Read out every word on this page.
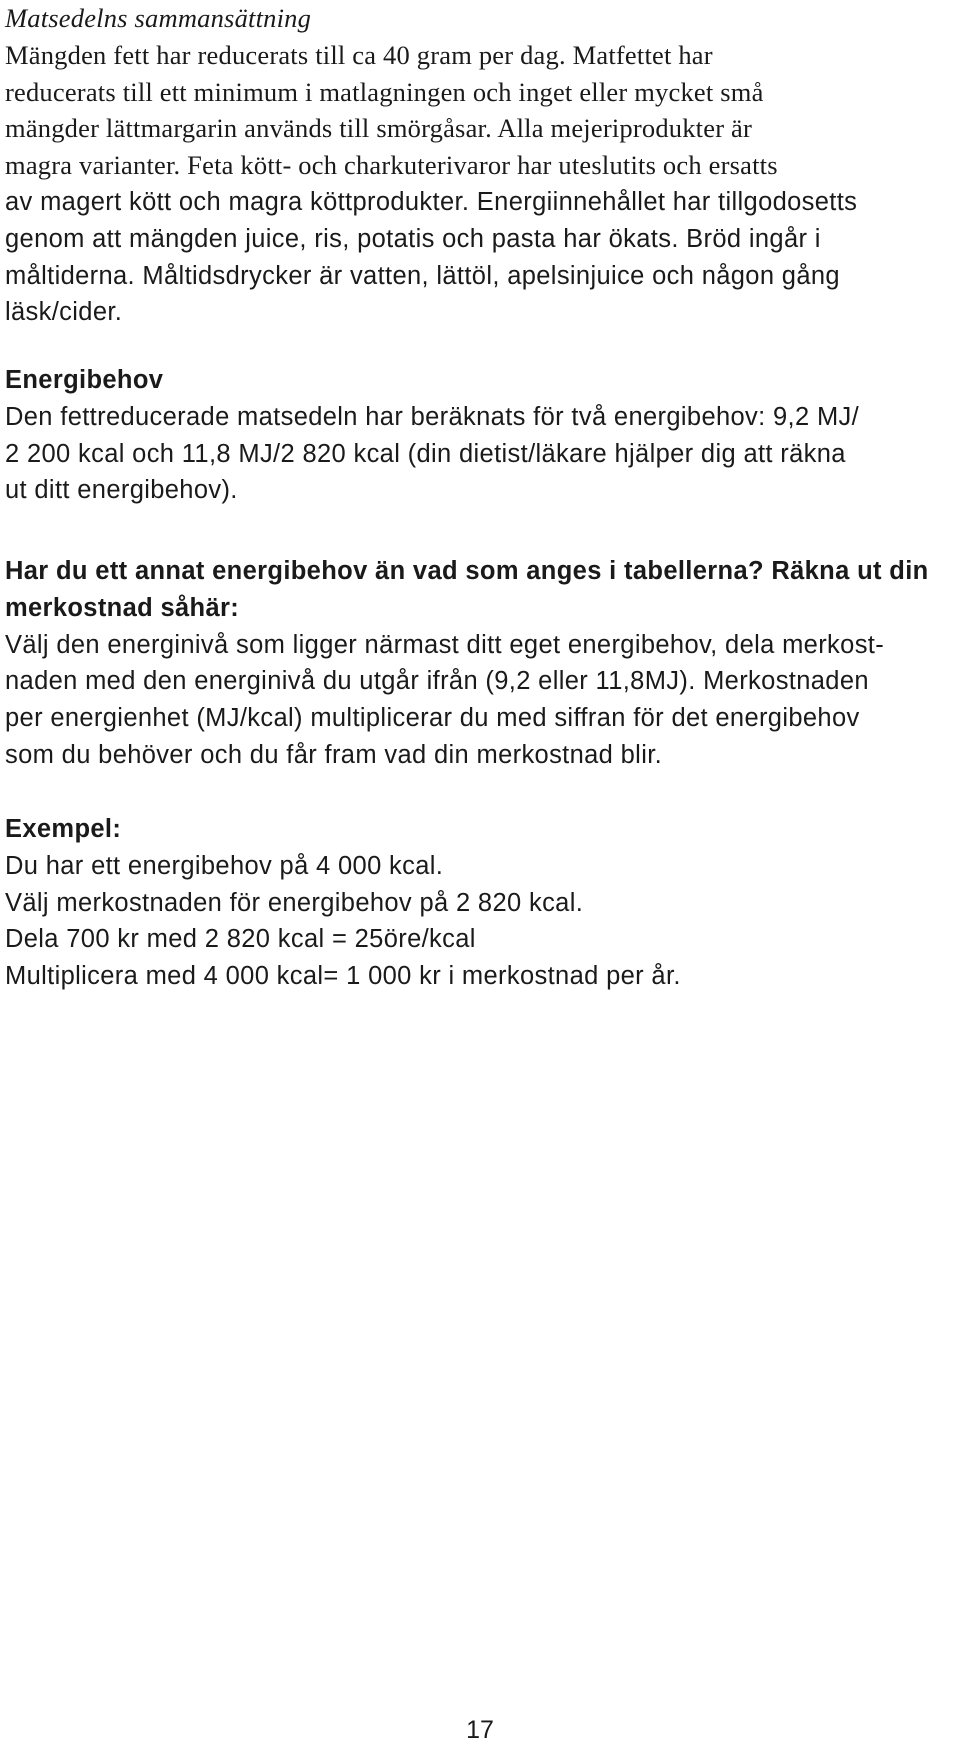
Matsedelns sammansättning
Mängden fett har reducerats till ca 40 gram per dag. Matfettet har
reducerats till ett minimum i matlagningen och inget eller mycket små
mängder lättmargarin används till smörgåsar. Alla mejeriprodukter är
magra varianter. Feta kött- och charkuterivaror har uteslutits och ersatts
av magert kött och magra köttprodukter. Energiinnehållet har tillgodosetts
genom att mängden juice, ris, potatis och pasta har ökats. Bröd ingår i
måltiderna. Måltidsdrycker är vatten, lättöl, apelsinjuice och någon gång
läsk/cider.
Energibehov
Den fettreducerade matsedeln har beräknats för två energibehov: 9,2 MJ/
2 200 kcal och 11,8 MJ/2 820 kcal (din dietist/läkare hjälper dig att räkna
ut ditt energibehov).
Har du ett annat energibehov än vad som anges i tabellerna? Räkna ut din
merkostnad såhär:
Välj den energinivå som ligger närmast ditt eget energibehov, dela merkost-
naden med den energinivå du utgår ifrån (9,2 eller 11,8MJ). Merkostnaden
per energienhet (MJ/kcal) multiplicerar du med siffran för det energibehov
som du behöver och du får fram vad din merkostnad blir.
Exempel:
Du har ett energibehov på 4 000 kcal.
Välj merkostnaden för energibehov på 2 820 kcal.
Dela 700 kr med 2 820 kcal = 25öre/kcal
Multiplicera med 4 000 kcal= 1 000 kr i merkostnad per år.
17
